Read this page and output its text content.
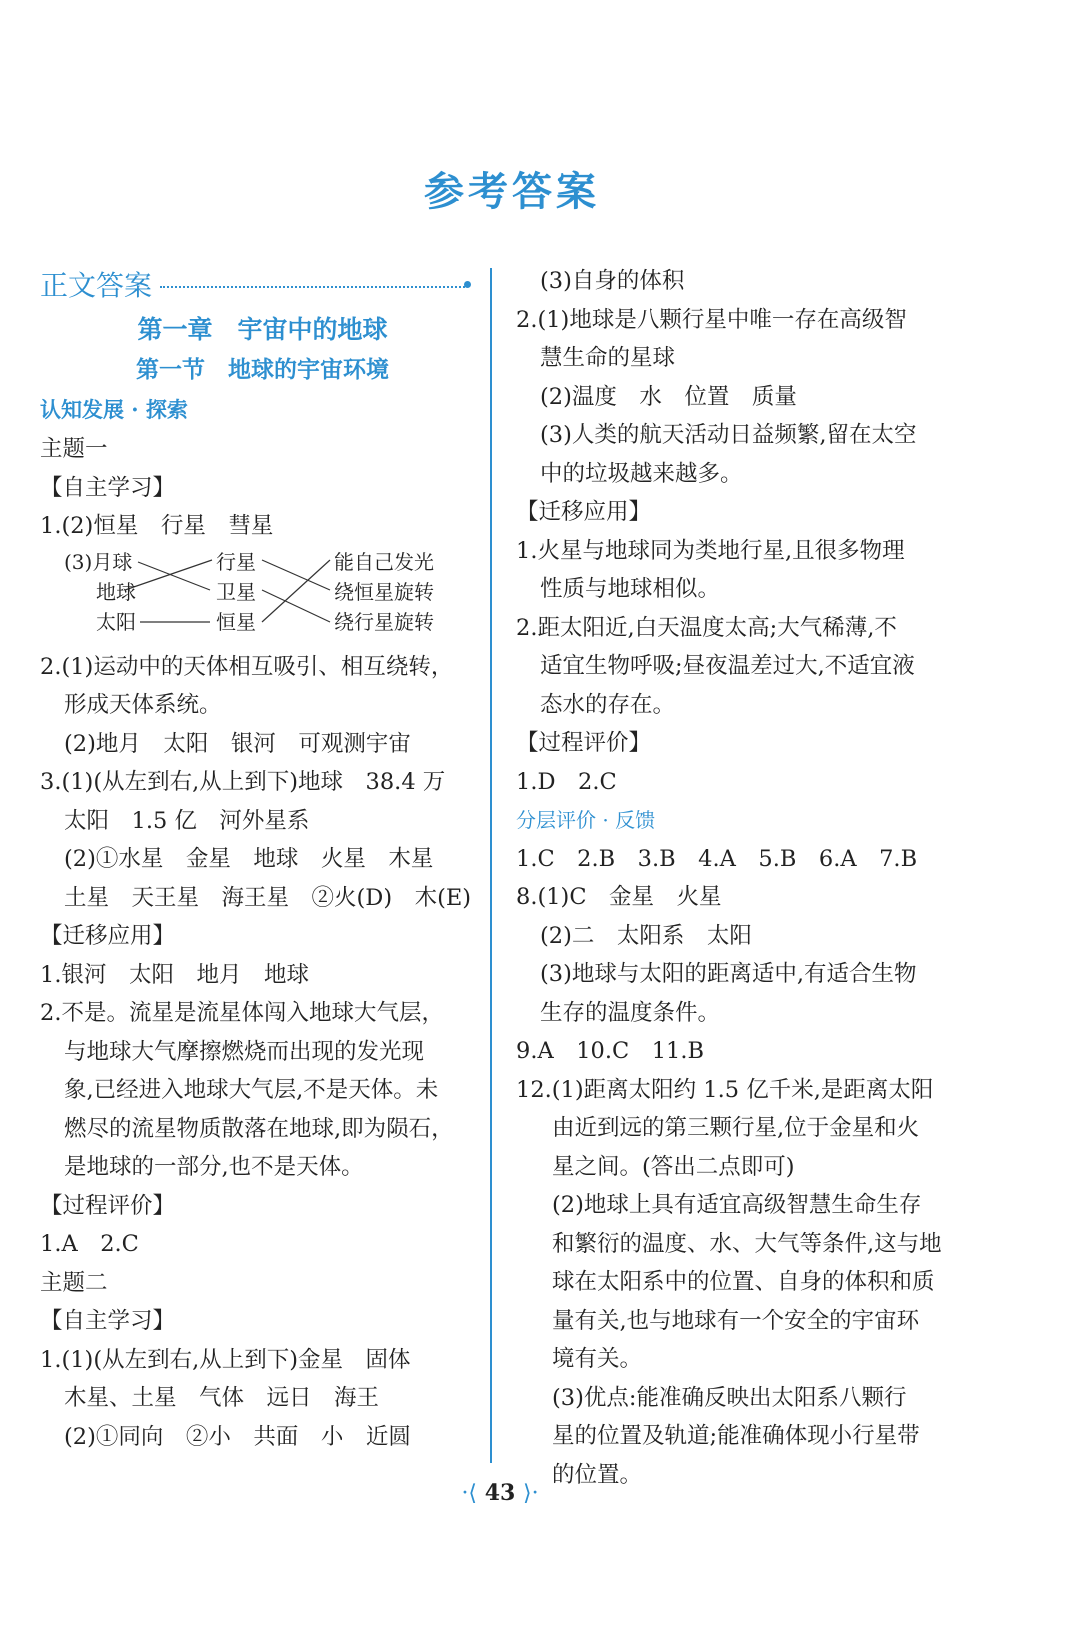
参考答案
正文答案
第一章　宇宙中的地球
第一节　地球的宇宙环境
认知发展 · 探索
主题一
【自主学习】
1.(2)恒星　行星　彗星
(3)月球
地球
太阳
行星
卫星
恒星
能自己发光
绕恒星旋转
绕行星旋转
2.(1)运动中的天体相互吸引、相互绕转，
形成天体系统。
(2)地月　太阳　银河　可观测宇宙
3.(1)(从左到右,从上到下)地球　38.4 万
太阳　1.5 亿　河外星系
(2)①水星　金星　地球　火星　木星
土星　天王星　海王星　②火(D)　木(E)
【迁移应用】
1.银河　太阳　地月　地球
2.不是。流星是流星体闯入地球大气层，
与地球大气摩擦燃烧而出现的发光现
象,已经进入地球大气层,不是天体。未
燃尽的流星物质散落在地球,即为陨石，
是地球的一部分,也不是天体。
【过程评价】
1.A　2.C
主题二
【自主学习】
1.(1)(从左到右,从上到下)金星　固体
木星、土星　气体　远日　海王
(2)①同向　②小　共面　小　近圆
(3)自身的体积
2.(1)地球是八颗行星中唯一存在高级智
慧生命的星球
(2)温度　水　位置　质量
(3)人类的航天活动日益频繁,留在太空
中的垃圾越来越多。
【迁移应用】
1.火星与地球同为类地行星,且很多物理
性质与地球相似。
2.距太阳近,白天温度太高;大气稀薄,不
适宜生物呼吸;昼夜温差过大,不适宜液
态水的存在。
【过程评价】
1.D　2.C
分层评价 · 反馈
1.C　2.B　3.B　4.A　5.B　6.A　7.B
8.(1)C　金星　火星
(2)二　太阳系　太阳
(3)地球与太阳的距离适中,有适合生物
生存的温度条件。
9.A　10.C　11.B
12.(1)距离太阳约 1.5 亿千米,是距离太阳
由近到远的第三颗行星,位于金星和火
星之间。(答出二点即可)
(2)地球上具有适宜高级智慧生命生存
和繁衍的温度、水、大气等条件,这与地
球在太阳系中的位置、自身的体积和质
量有关,也与地球有一个安全的宇宙环
境有关。
(3)优点:能准确反映出太阳系八颗行
星的位置及轨道;能准确体现小行星带
的位置。
·⟨ 43 ⟩·
